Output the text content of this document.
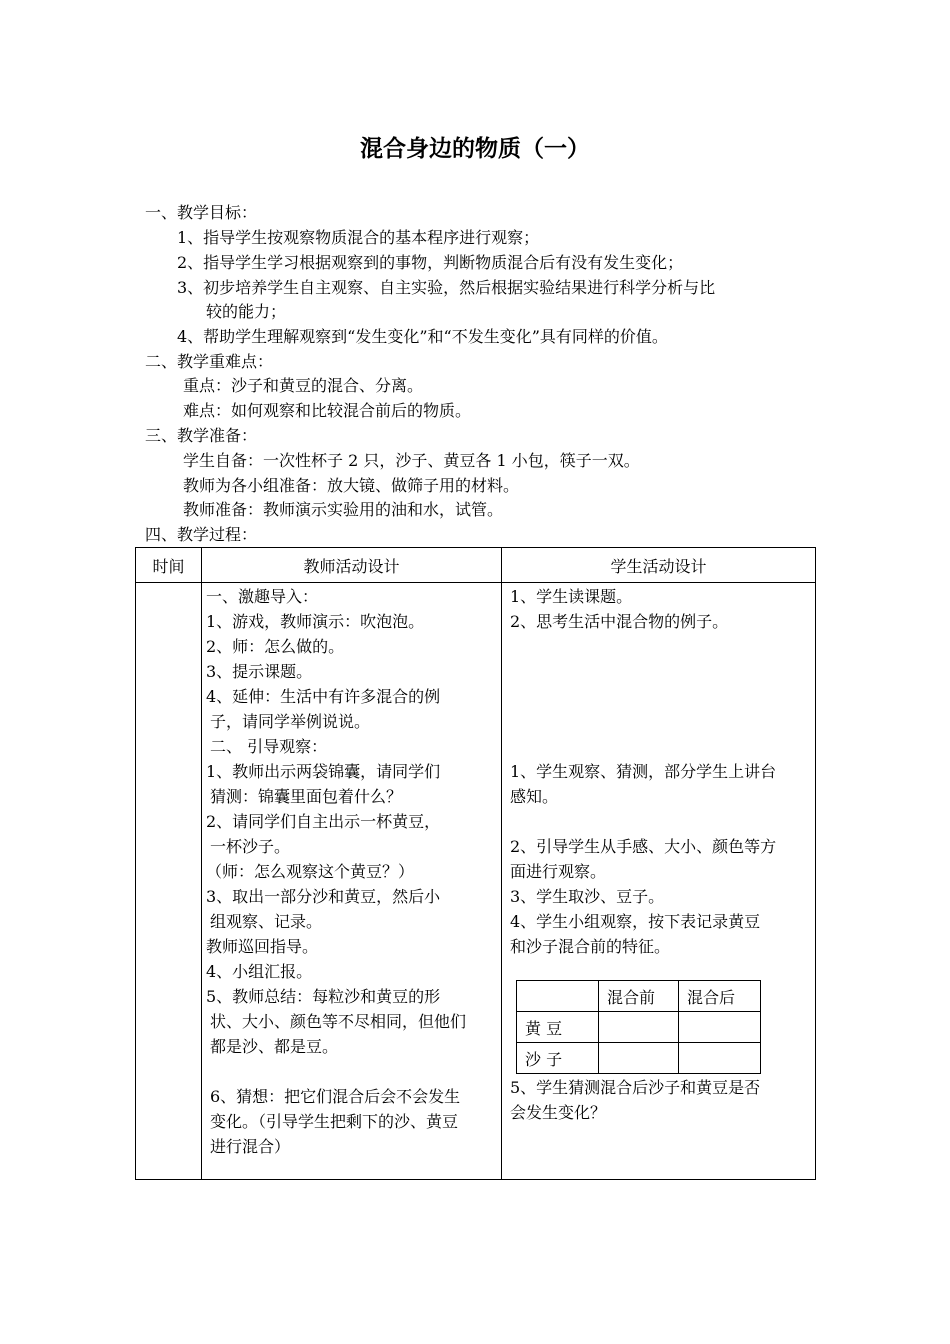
混合身边的物质（一）
一、教学目标：
1、指导学生按观察物质混合的基本程序进行观察；
2、指导学生学习根据观察到的事物，判断物质混合后有没有发生变化；
3、初步培养学生自主观察、自主实验，然后根据实验结果进行科学分析与比
较的能力；
4、帮助学生理解观察到“发生变化”和“不发生变化”具有同样的价值。
二、教学重难点：
重点：沙子和黄豆的混合、分离。
难点：如何观察和比较混合前后的物质。
三、教学准备：
学生自备：一次性杯子 2 只，沙子、黄豆各 1 小包，筷子一双。
教师为各小组准备：放大镜、做筛子用的材料。
教师准备：教师演示实验用的油和水，试管。
四、教学过程：
时间	教师活动设计	学生活动设计

一、激趣导入：
1、游戏，教师演示：吹泡泡。
2、师：怎么做的。
3、提示课题。
4、延伸：生活中有许多混合的例
子，请同学举例说说。
二、 引导观察：
1、教师出示两袋锦囊，请同学们
猜测：锦囊里面包着什么？
2、请同学们自主出示一杯黄豆，
一杯沙子。
（师：怎么观察这个黄豆？）
3、取出一部分沙和黄豆，然后小
组观察、记录。
教师巡回指导。
4、小组汇报。
5、教师总结：每粒沙和黄豆的形
状、大小、颜色等不尽相同，但他们
都是沙、都是豆。
6、猜想：把它们混合后会不会发生
变化。（引导学生把剩下的沙、黄豆
进行混合）

1、学生读课题。
2、思考生活中混合物的例子。
1、学生观察、猜测，部分学生上讲台
感知。
2、引导学生从手感、大小、颜色等方
面进行观察。
3、学生取沙、豆子。
4、学生小组观察，按下表记录黄豆
和沙子混合前的特征。
	混合前	混合后
黄 豆		
沙 子		
5、学生猜测混合后沙子和黄豆是否
会发生变化？
